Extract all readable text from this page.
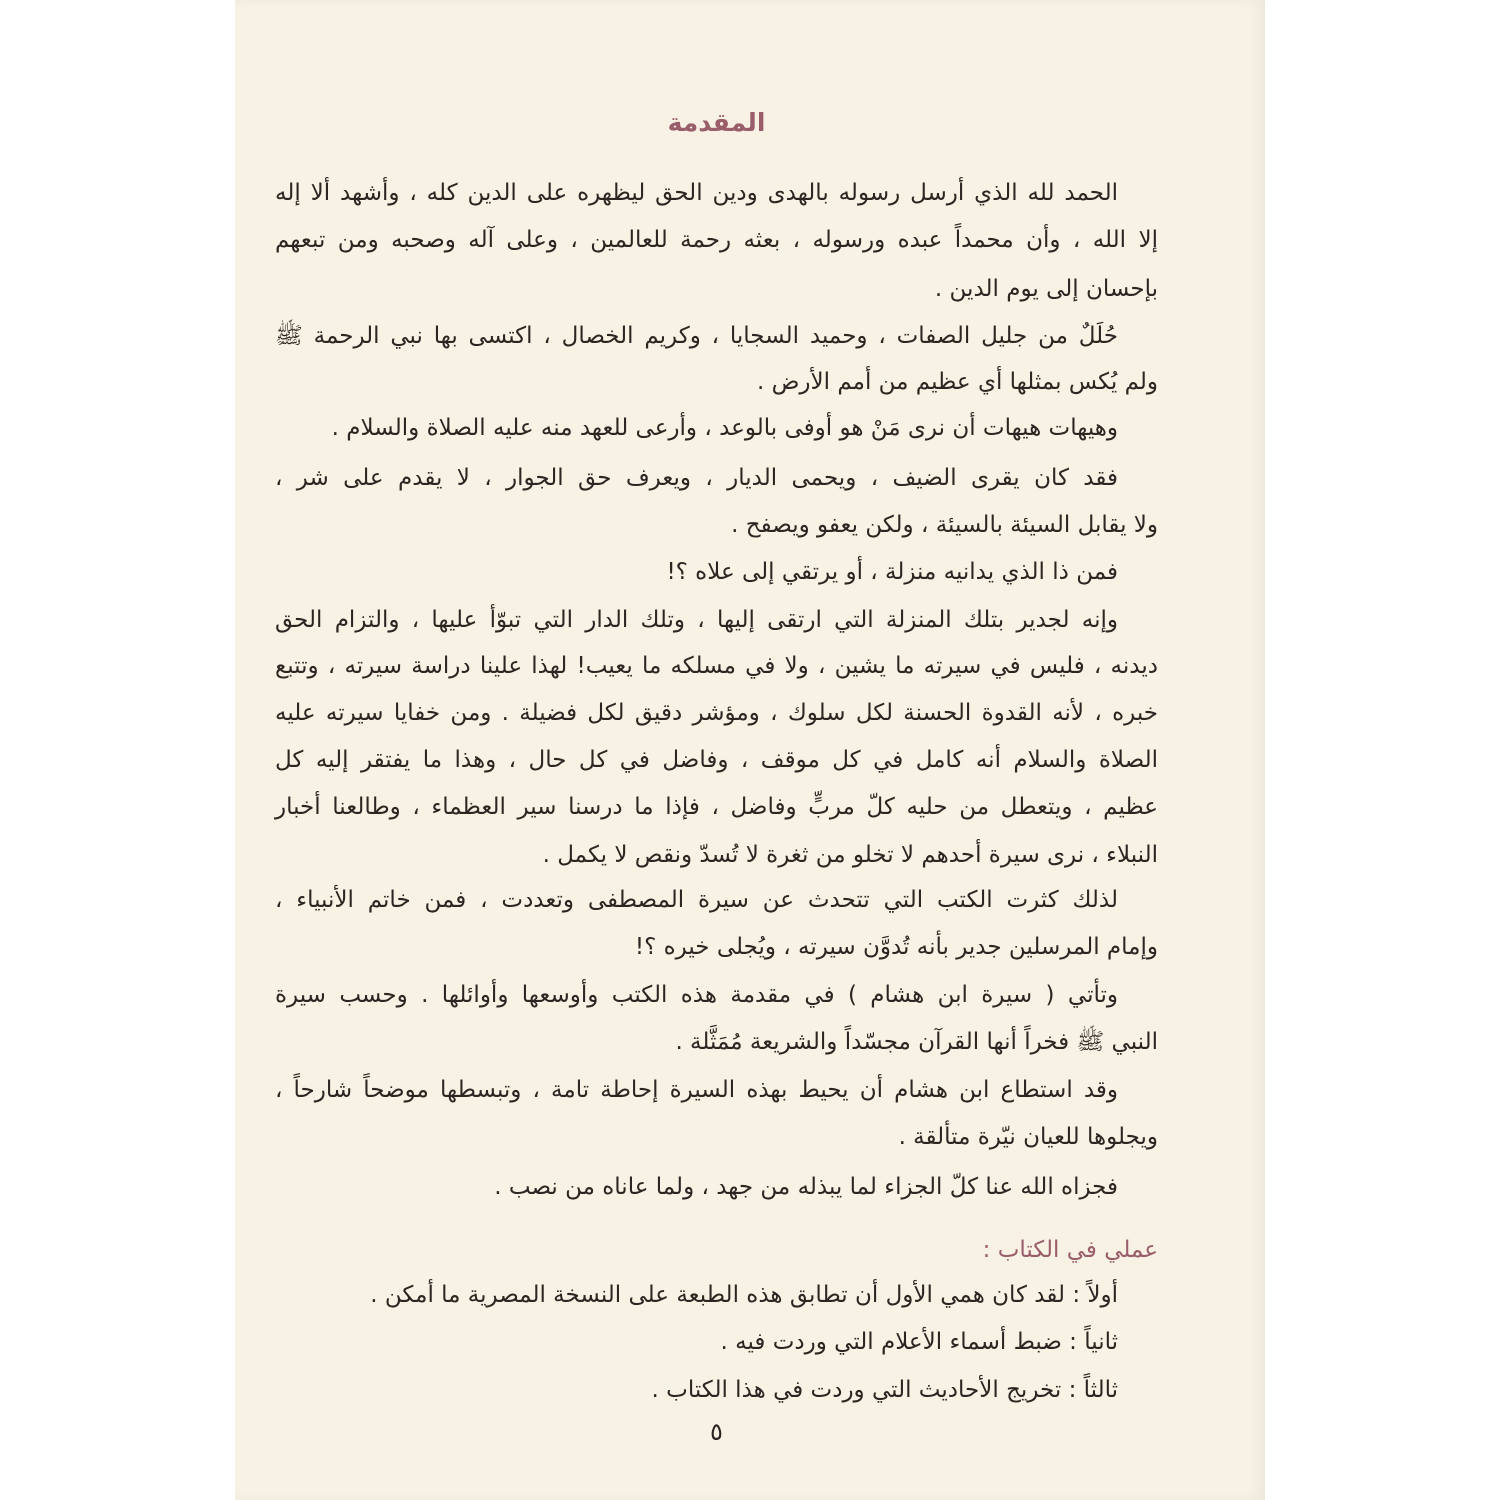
المقدمة
٥
الحمد لله الذي أرسل رسوله بالهدى ودين الحق ليظهره على الدين كله ، وأشهد ألا إله
إلا الله ، وأن محمداً عبده ورسوله ، بعثه رحمة للعالمين ، وعلى آله وصحبه ومن تبعهم
بإحسان إلى يوم الدين .
حُلَلٌ من جليل الصفات ، وحميد السجايا ، وكريم الخصال ، اكتسى بها نبي الرحمة ﷺ
ولم يُكس بمثلها أي عظيم من أمم الأرض .
وهيهات هيهات أن نرى مَنْ هو أوفى بالوعد ، وأرعى للعهد منه عليه الصلاة والسلام .
فقد كان يقرى الضيف ، ويحمى الديار ، ويعرف حق الجوار ، لا يقدم على شر ،
ولا يقابل السيئة بالسيئة ، ولكن يعفو ويصفح .
فمن ذا الذي يدانيه منزلة ، أو يرتقي إلى علاه ؟!
وإنه لجدير بتلك المنزلة التي ارتقى إليها ، وتلك الدار التي تبوّأ عليها ، والتزام الحق
ديدنه ، فليس في سيرته ما يشين ، ولا في مسلكه ما يعيب! لهذا علينا دراسة سيرته ، وتتبع
خبره ، لأنه القدوة الحسنة لكل سلوك ، ومؤشر دقيق لكل فضيلة . ومن خفايا سيرته عليه
الصلاة والسلام أنه كامل في كل موقف ، وفاضل في كل حال ، وهذا ما يفتقر إليه كل
عظيم ، ويتعطل من حليه كلّ مربٍّ وفاضل ، فإذا ما درسنا سير العظماء ، وطالعنا أخبار
النبلاء ، نرى سيرة أحدهم لا تخلو من ثغرة لا تُسدّ ونقص لا يكمل .
لذلك كثرت الكتب التي تتحدث عن سيرة المصطفى وتعددت ، فمن خاتم الأنبياء ،
وإمام المرسلين جدير بأنه تُدوَّن سيرته ، ويُجلى خيره ؟!
وتأتي ( سيرة ابن هشام ) في مقدمة هذه الكتب وأوسعها وأوائلها . وحسب سيرة
النبي ﷺ فخراً أنها القرآن مجسّداً والشريعة مُمَثَّلة .
وقد استطاع ابن هشام أن يحيط بهذه السيرة إحاطة تامة ، وتبسطها موضحاً شارحاً ،
ويجلوها للعيان نيّرة متألقة .
فجزاه الله عنا كلّ الجزاء لما يبذله من جهد ، ولما عاناه من نصب .
عملي في الكتاب :
أولاً : لقد كان همي الأول أن تطابق هذه الطبعة على النسخة المصرية ما أمكن .
ثانياً : ضبط أسماء الأعلام التي وردت فيه .
ثالثاً : تخريج الأحاديث التي وردت في هذا الكتاب .
